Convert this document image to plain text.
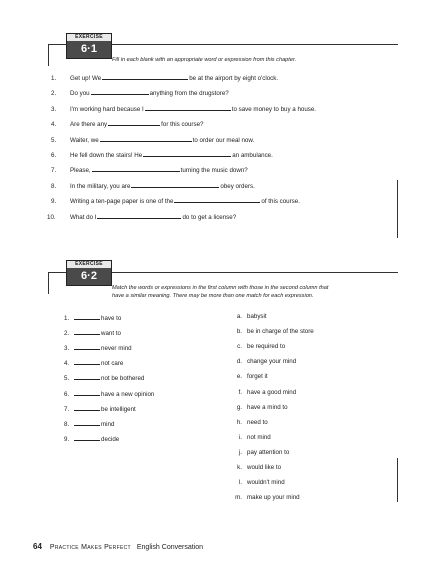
EXERCISE
6·1
Fill in each blank with an appropriate word or expression from this chapter.
1. Get up! We	be at the airport by eight o'clock.
2. Do you	anything from the drugstore?
3. I'm working hard because I	to save money to buy a house.
4. Are there any	for this course?
5. Waiter, we	to order our meal now.
6. He fell down the stairs! He	an ambulance.
7. Please,	turning the music down?
8. In the military, you are	obey orders.
9. Writing a ten-page paper is one of the	of this course.
10. What do I	do to get a license?
EXERCISE
6·2
Match the words or expressions in the first column with those in the second column that
have a similar meaning. There may be more than one match for each expression.
1.	have to
2.	want to
3.	never mind
4.	not care
5.	not be bothered
6.	have a new opinion
7.	be intelligent
8.	mind
9.	decide
a. babysit
b. be in charge of the store
c. be required to
d. change your mind
e. forget it
f. have a good mind
g. have a mind to
h. need to
i. not mind
j. pay attention to
k. would like to
l. wouldn't mind
m. make up your mind
64 Practice Makes Perfect English Conversation
